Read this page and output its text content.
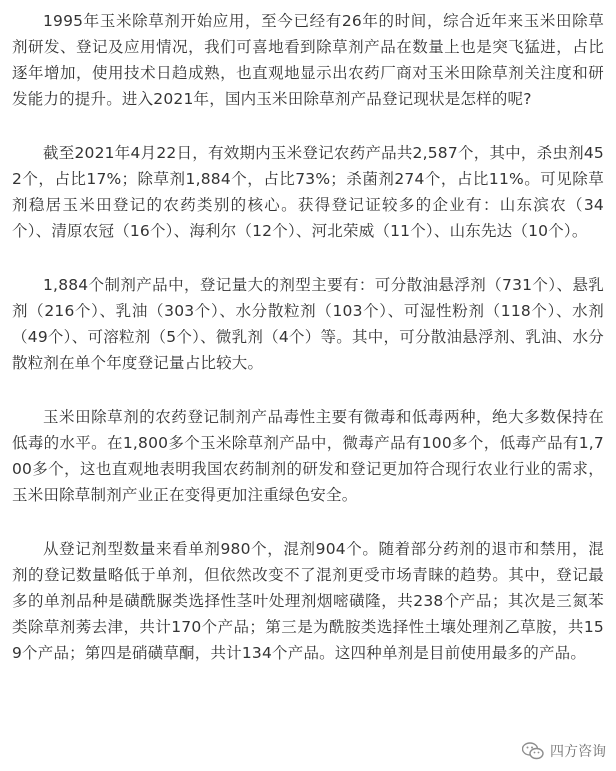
1995年玉米除草剂开始应用，至今已经有26年的时间，综合近年来玉米田除草剂研发、登记及应用情况，我们可喜地看到除草剂产品在数量上也是突飞猛进，占比逐年增加，使用技术日趋成熟，也直观地显示出农药厂商对玉米田除草剂关注度和研发能力的提升。进入2021年，国内玉米田除草剂产品登记现状是怎样的呢?

截至2021年4月22日，有效期内玉米登记农药产品共2,587个，其中，杀虫剂452个，占比17%；除草剂1,884个，占比73%；杀菌剂274个，占比11%。可见除草剂稳居玉米田登记的农药类别的核心。获得登记证较多的企业有：山东滨农（34个）、清原农冠（16个）、海利尔（12个）、河北荣威（11个）、山东先达（10个）。

1,884个制剂产品中，登记量大的剂型主要有：可分散油悬浮剂（731个）、悬乳剂（216个）、乳油（303个）、水分散粒剂（103个）、可湿性粉剂（118个）、水剂（49个）、可溶粒剂（5个）、微乳剂（4个）等。其中，可分散油悬浮剂、乳油、水分散粒剂在单个年度登记量占比较大。

玉米田除草剂的农药登记制剂产品毒性主要有微毒和低毒两种，绝大多数保持在低毒的水平。在1,800多个玉米除草剂产品中，微毒产品有100多个，低毒产品有1,700多个，这也直观地表明我国农药制剂的研发和登记更加符合现行农业行业的需求，玉米田除草制剂产业正在变得更加注重绿色安全。

从登记剂型数量来看单剂980个，混剂904个。随着部分药剂的退市和禁用，混剂的登记数量略低于单剂，但依然改变不了混剂更受市场青睐的趋势。其中，登记最多的单剂品种是磺酰脲类选择性茎叶处理剂烟嘧磺隆，共238个产品；其次是三氮苯类除草剂莠去津，共计170个产品；第三是为酰胺类选择性土壤处理剂乙草胺，共159个产品；第四是硝磺草酮，共计134个产品。这四种单剂是目前使用最多的产品。

四方咨询
